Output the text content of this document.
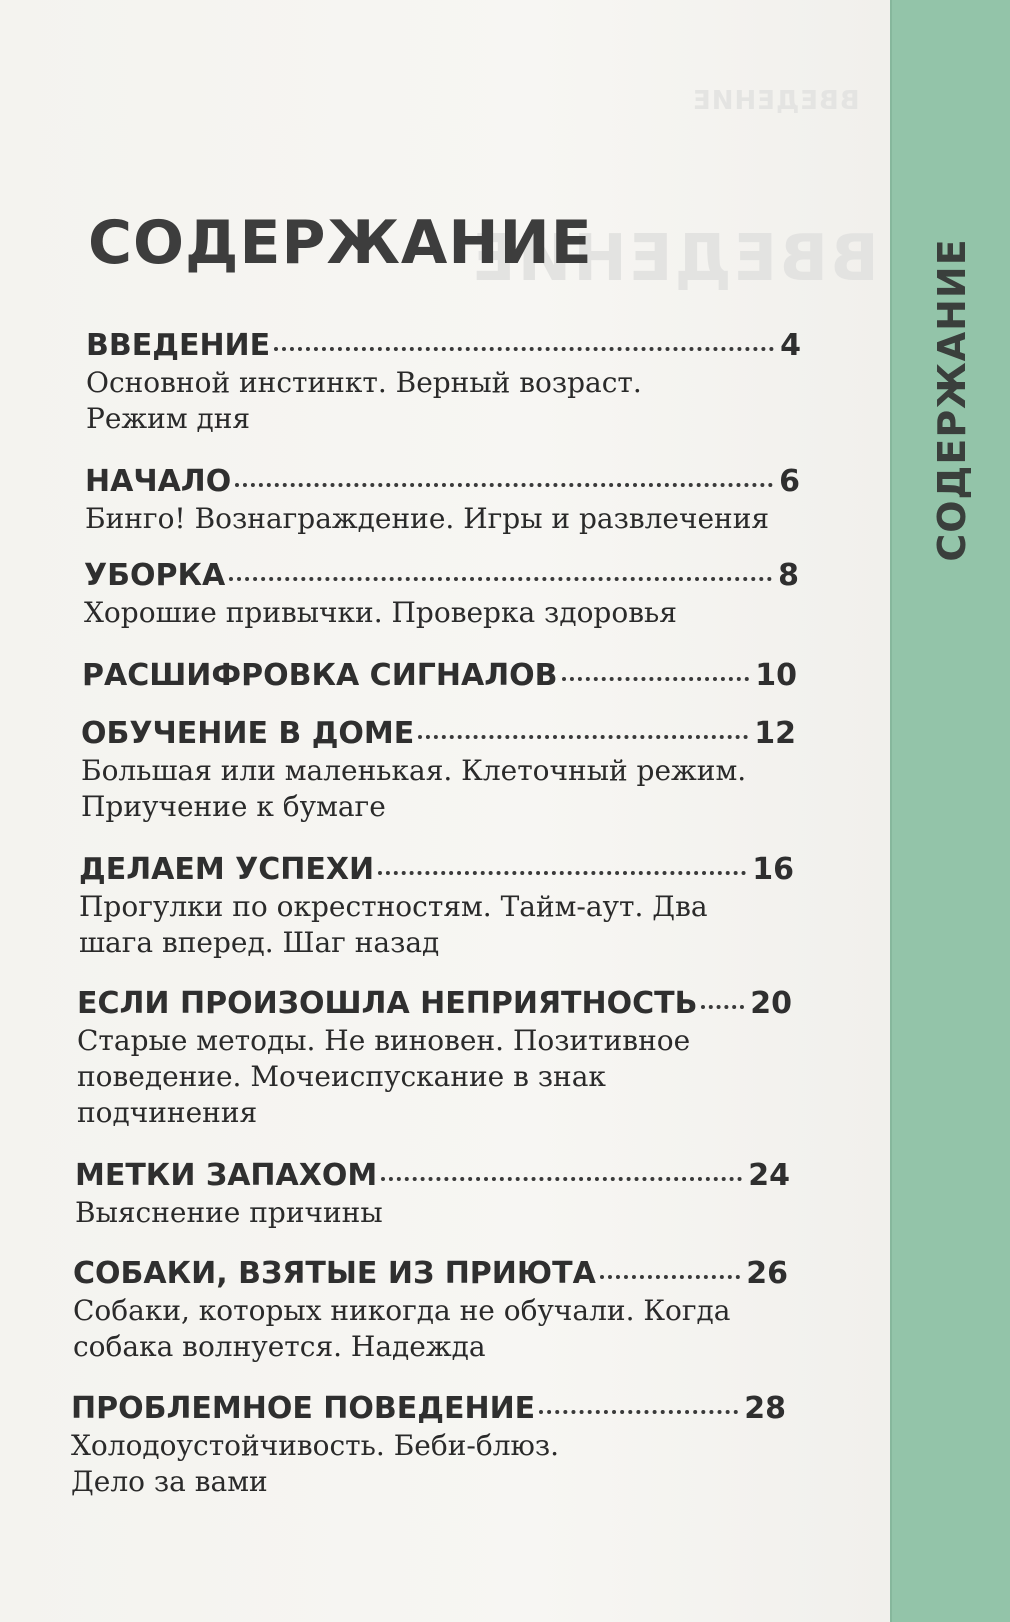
ВВЕДЕНИЕ
ВВЕДЕНИЕ
СОДЕРЖАНИЕ
ВВЕДЕНИЕ	4
Основной инстинкт. Верный возраст. Режим дня
НАЧАЛО	6
Бинго! Вознаграждение. Игры и развлечения
УБОРКА	8
Хорошие привычки. Проверка здоровья
РАСШИФРОВКА СИГНАЛОВ	10
ОБУЧЕНИЕ В ДОМЕ	12
Большая или маленькая. Клеточный режим. Приучение к бумаге
ДЕЛАЕМ УСПЕХИ	16
Прогулки по окрестностям. Тайм-аут. Два шага вперед. Шаг назад
ЕСЛИ ПРОИЗОШЛА НЕПРИЯТНОСТЬ 20
Старые методы. Не виновен. Позитивное поведение. Мочеиспускание в знак подчинения
МЕТКИ ЗАПАХОМ	24
Выяснение причины
СОБАКИ, ВЗЯТЫЕ ИЗ ПРИЮТА	26
Собаки, которых никогда не обучали. Когда собака волнуется. Надежда
ПРОБЛЕМНОЕ ПОВЕДЕНИЕ	28
Холодоустойчивость. Беби-блюз. Дело за вами
СОДЕРЖАНИЕ
